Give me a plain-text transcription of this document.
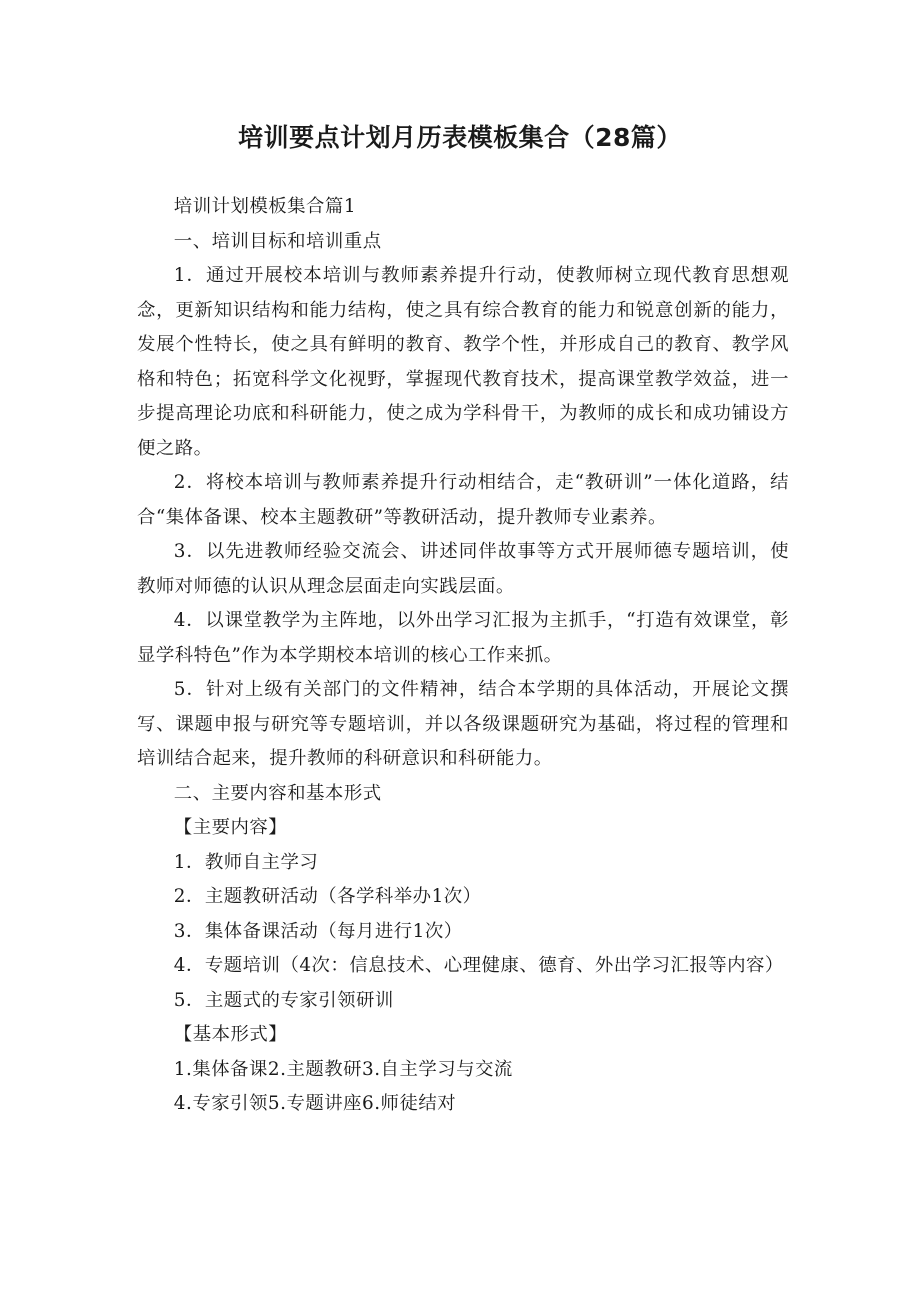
培训要点计划月历表模板集合（28篇）

培训计划模板集合篇1

一、培训目标和培训重点

1．通过开展校本培训与教师素养提升行动，使教师树立现代教育思想观念，更新知识结构和能力结构，使之具有综合教育的能力和锐意创新的能力，发展个性特长，使之具有鲜明的教育、教学个性，并形成自己的教育、教学风格和特色；拓宽科学文化视野，掌握现代教育技术，提高课堂教学效益，进一步提高理论功底和科研能力，使之成为学科骨干，为教师的成长和成功铺设方便之路。

2．将校本培训与教师素养提升行动相结合，走“教研训”一体化道路，结合“集体备课、校本主题教研”等教研活动，提升教师专业素养。

3．以先进教师经验交流会、讲述同伴故事等方式开展师德专题培训，使教师对师德的认识从理念层面走向实践层面。

4．以课堂教学为主阵地，以外出学习汇报为主抓手，“打造有效课堂，彰显学科特色”作为本学期校本培训的核心工作来抓。

5．针对上级有关部门的文件精神，结合本学期的具体活动，开展论文撰写、课题申报与研究等专题培训，并以各级课题研究为基础，将过程的管理和培训结合起来，提升教师的科研意识和科研能力。

二、主要内容和基本形式

【主要内容】

1．教师自主学习

2．主题教研活动（各学科举办1次）

3．集体备课活动（每月进行1次）

4．专题培训（4次：信息技术、心理健康、德育、外出学习汇报等内容）

5．主题式的专家引领研训

【基本形式】

1.集体备课2.主题教研3.自主学习与交流

4.专家引领5.专题讲座6.师徒结对
